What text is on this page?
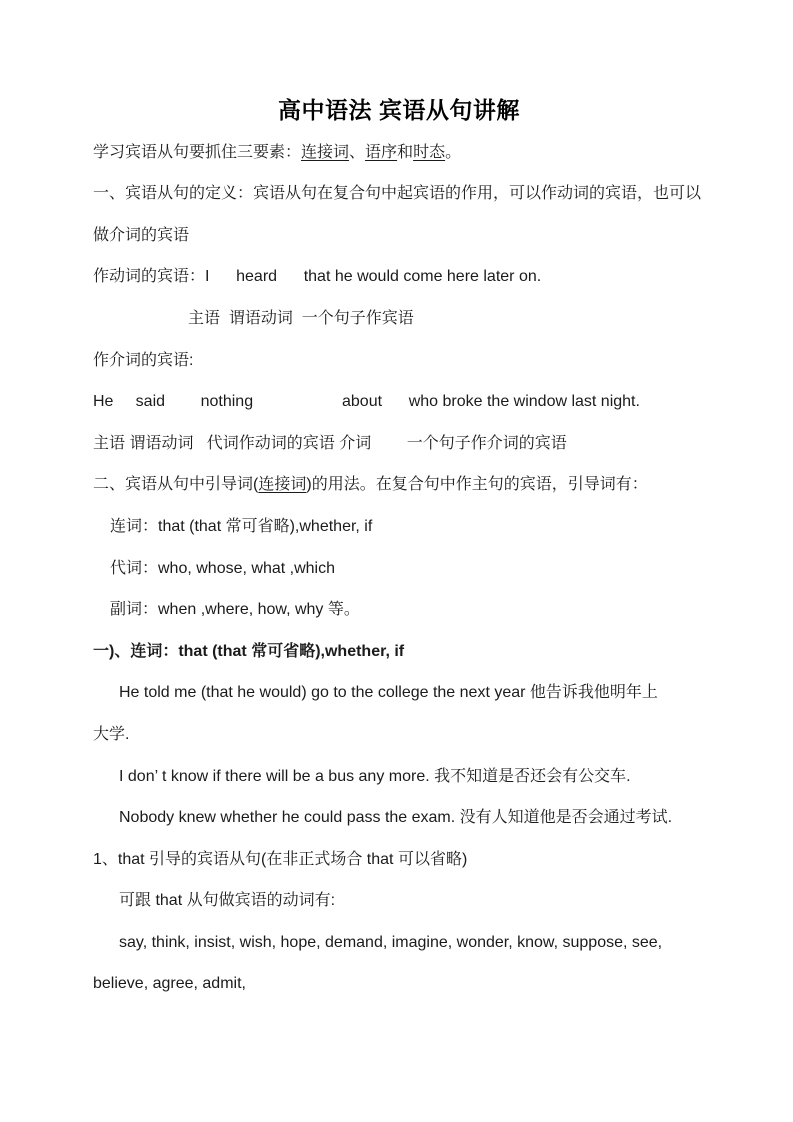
高中语法 宾语从句讲解

学习宾语从句要抓住三要素：连接词、语序和时态。

一、宾语从句的定义：宾语从句在复合句中起宾语的作用，可以作动词的宾语，也可以

做介词的宾语

作动词的宾语：I      heard      that he would come here later on.

主语  谓语动词  一个句子作宾语

作介词的宾语:

He     said        nothing                    about      who broke the window last night.

主语 谓语动词   代词作动词的宾语 介词        一个句子作介词的宾语

二、宾语从句中引导词(连接词)的用法。在复合句中作主句的宾语，引导词有：

连词：that (that 常可省略),whether, if

代词：who, whose, what ,which

副词：when ,where, how, why 等。

一)、连词：that (that 常可省略),whether, if

He told me (that he would) go to the college the next year 他告诉我他明年上

大学.

I don’ t know if there will be a bus any more. 我不知道是否还会有公交车.

Nobody knew whether he could pass the exam. 没有人知道他是否会通过考试.

1、that 引导的宾语从句(在非正式场合 that 可以省略)

可跟 that 从句做宾语的动词有:

say, think, insist, wish, hope, demand, imagine, wonder, know, suppose, see,

believe, agree, admit,
